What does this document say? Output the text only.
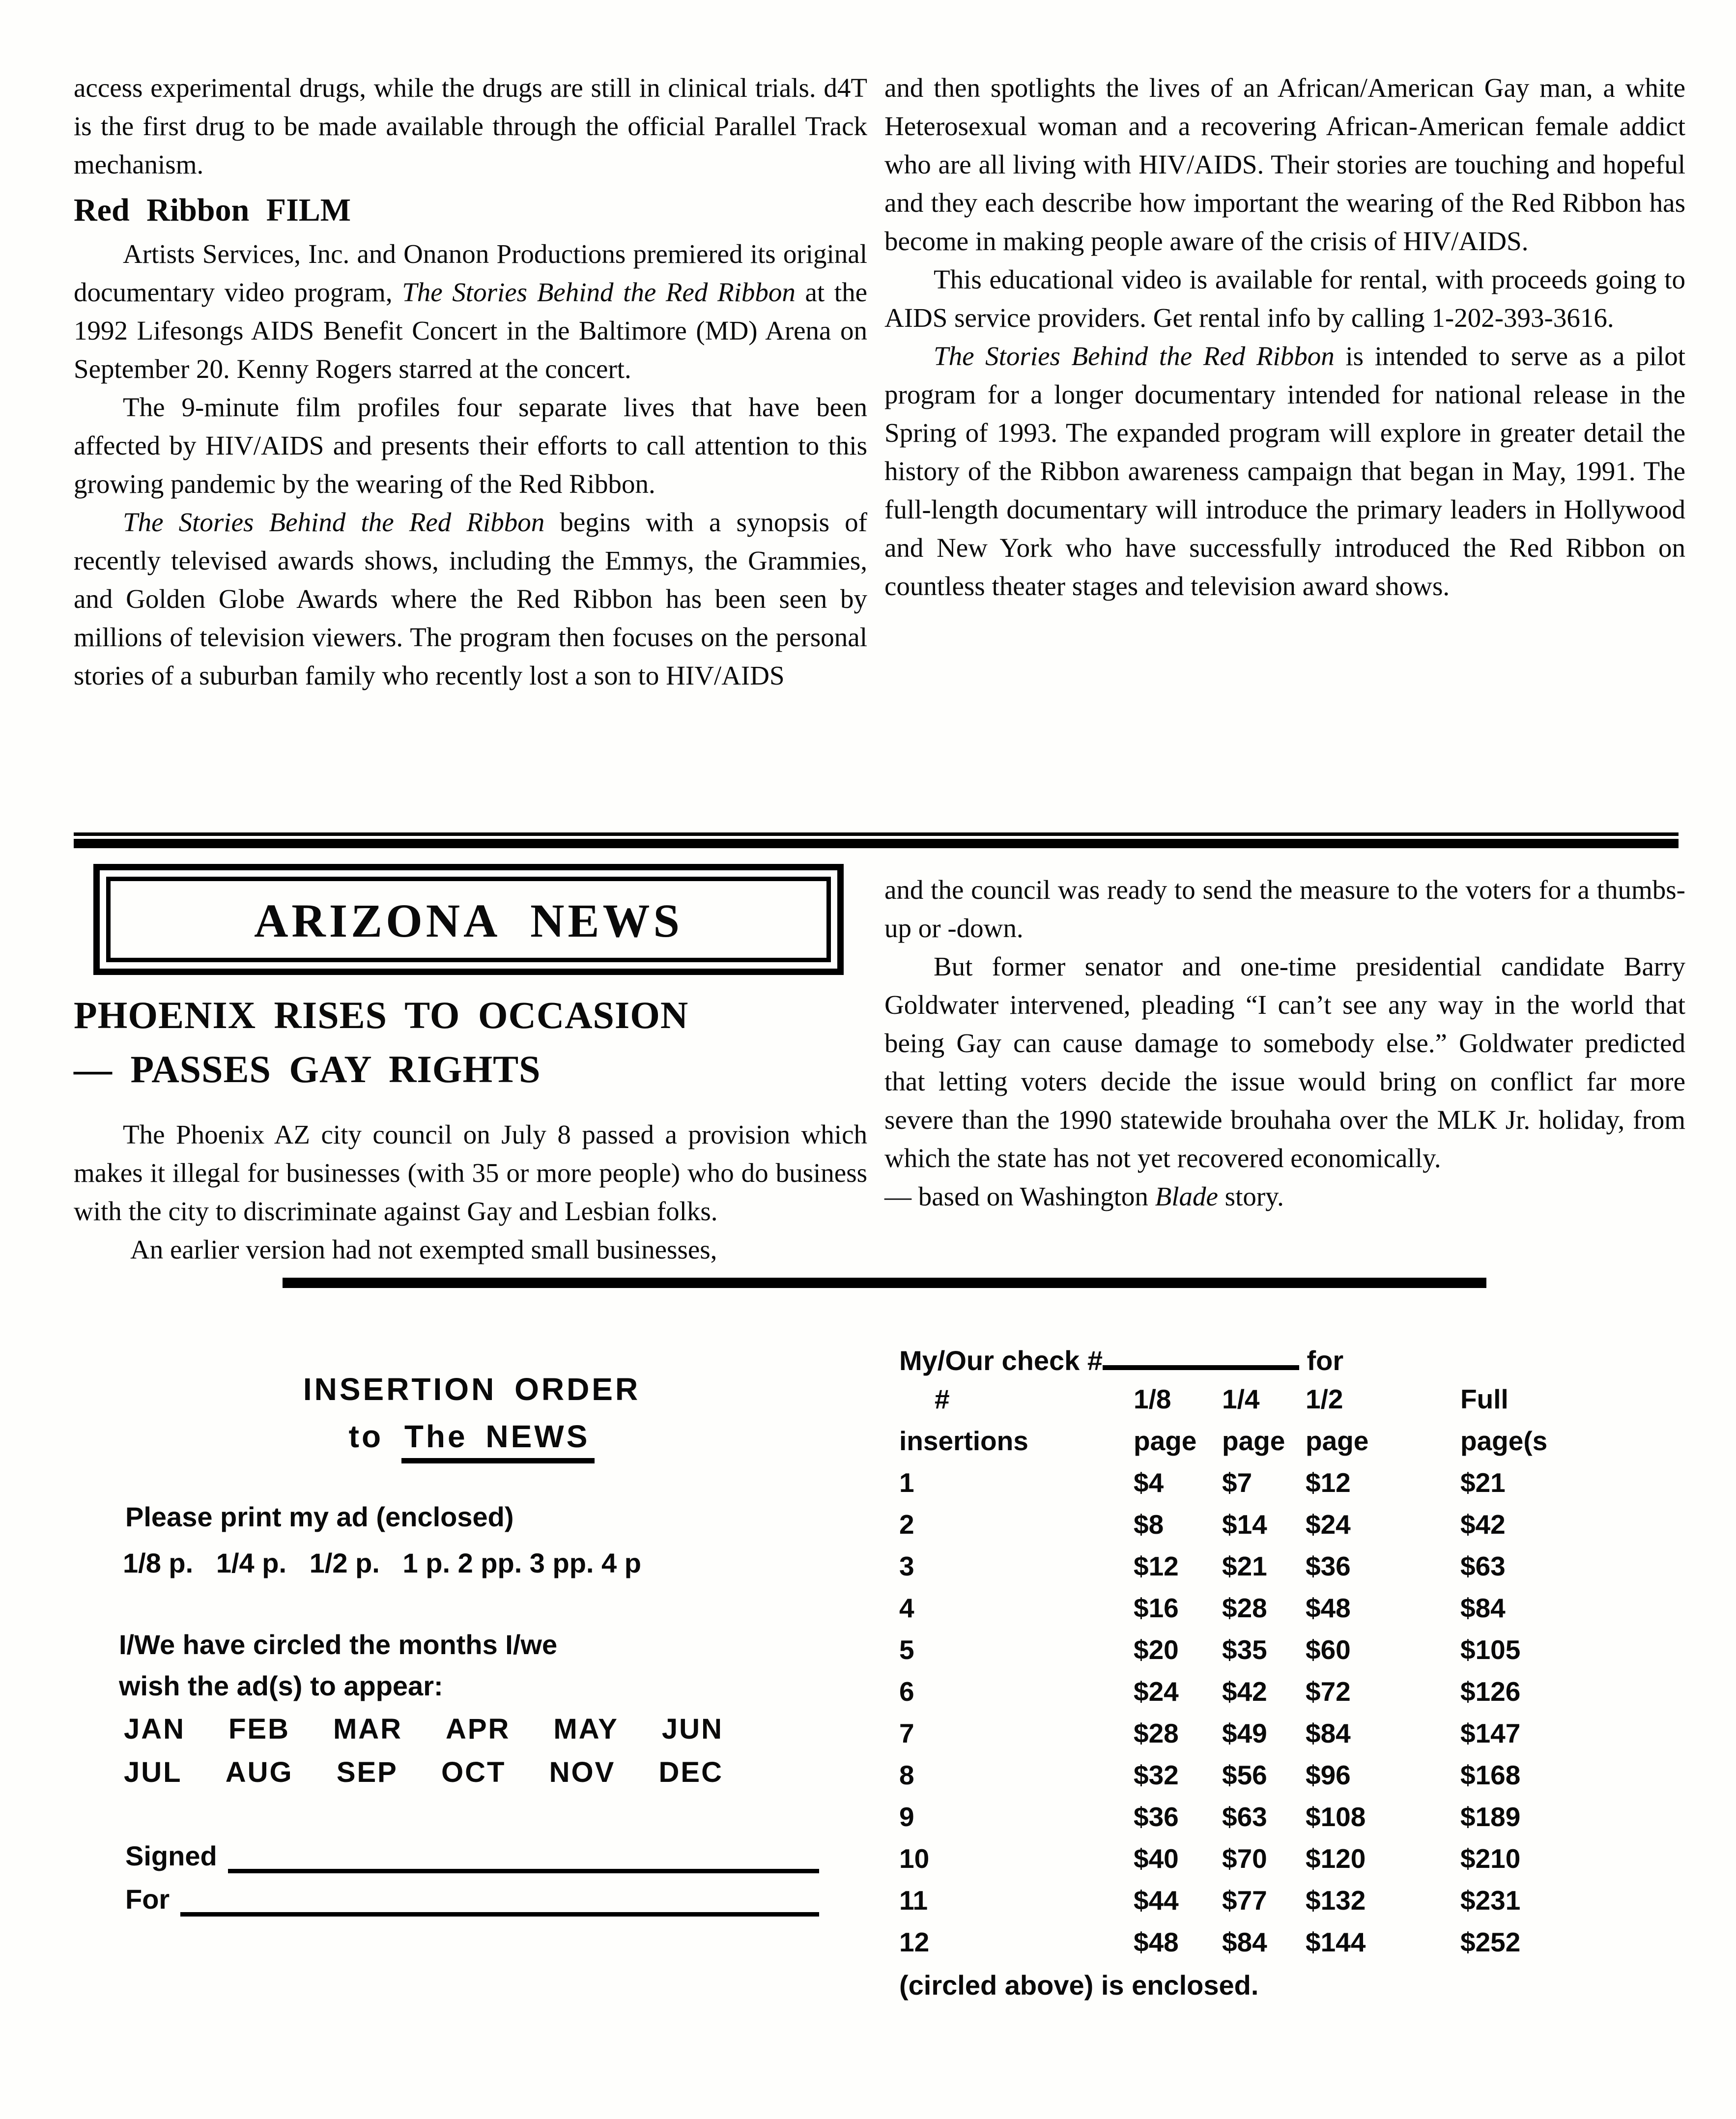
access experimental drugs, while the drugs are still in clinical trials. d4T is the first drug to be made available through the official Parallel Track mechanism.

Red Ribbon FILM

Artists Services, Inc. and Onanon Productions premiered its original documentary video program, The Stories Behind the Red Ribbon at the 1992 Lifesongs AIDS Benefit Concert in the Baltimore (MD) Arena on September 20. Kenny Rogers starred at the concert.

The 9-minute film profiles four separate lives that have been affected by HIV/AIDS and presents their efforts to call attention to this growing pandemic by the wearing of the Red Ribbon.

The Stories Behind the Red Ribbon begins with a synopsis of recently televised awards shows, including the Emmys, the Grammies, and Golden Globe Awards where the Red Ribbon has been seen by millions of television viewers. The program then focuses on the personal stories of a suburban family who recently lost a son to HIV/AIDS

and then spotlights the lives of an African/American Gay man, a white Heterosexual woman and a recovering African-American female addict who are all living with HIV/AIDS. Their stories are touching and hopeful and they each describe how important the wearing of the Red Ribbon has become in making people aware of the crisis of HIV/AIDS.

This educational video is available for rental, with proceeds going to AIDS service providers. Get rental info by calling 1-202-393-3616.

The Stories Behind the Red Ribbon is intended to serve as a pilot program for a longer documentary intended for national release in the Spring of 1993. The expanded program will explore in greater detail the history of the Ribbon awareness campaign that began in May, 1991. The full-length documentary will introduce the primary leaders in Hollywood and New York who have successfully introduced the Red Ribbon on countless theater stages and television award shows.

ARIZONA NEWS
PHOENIX RISES TO OCCASION
— PASSES GAY RIGHTS

The Phoenix AZ city council on July 8 passed a provision which makes it illegal for businesses (with 35 or more people) who do business with the city to discriminate against Gay and Lesbian folks.

An earlier version had not exempted small businesses,

and the council was ready to send the measure to the voters for a thumbs-up or -down.

But former senator and one-time presidential candidate Barry Goldwater intervened, pleading “I can’t see any way in the world that being Gay can cause damage to somebody else.” Goldwater predicted that letting voters decide the issue would bring on conflict far more severe than the 1990 statewide brouhaha over the MLK Jr. holiday, from which the state has not yet recovered economically.

— based on Washington Blade story.

INSERTION ORDER
to The NEWS
Please print my ad (enclosed)
1/8 p.   1/4 p.   1/2 p.   1 p. 2 pp. 3 pp. 4 p
I/We have circled the months I/we
wish the ad(s) to appear:
JAN FEB MAR APR MAY JUN
JUL AUG SEP OCT NOV DEC
Signed
For
My/Our check #	for
#	1/8	1/4	1/2	Full
insertions	page	page	page	page(s
1	$4	$7	$12	$21
2	$8	$14	$24	$42
3	$12	$21	$36	$63
4	$16	$28	$48	$84
5	$20	$35	$60	$105
6	$24	$42	$72	$126
7	$28	$49	$84	$147
8	$32	$56	$96	$168
9	$36	$63	$108	$189
10	$40	$70	$120	$210
11	$44	$77	$132	$231
12	$48	$84	$144	$252
(circled above) is enclosed.
